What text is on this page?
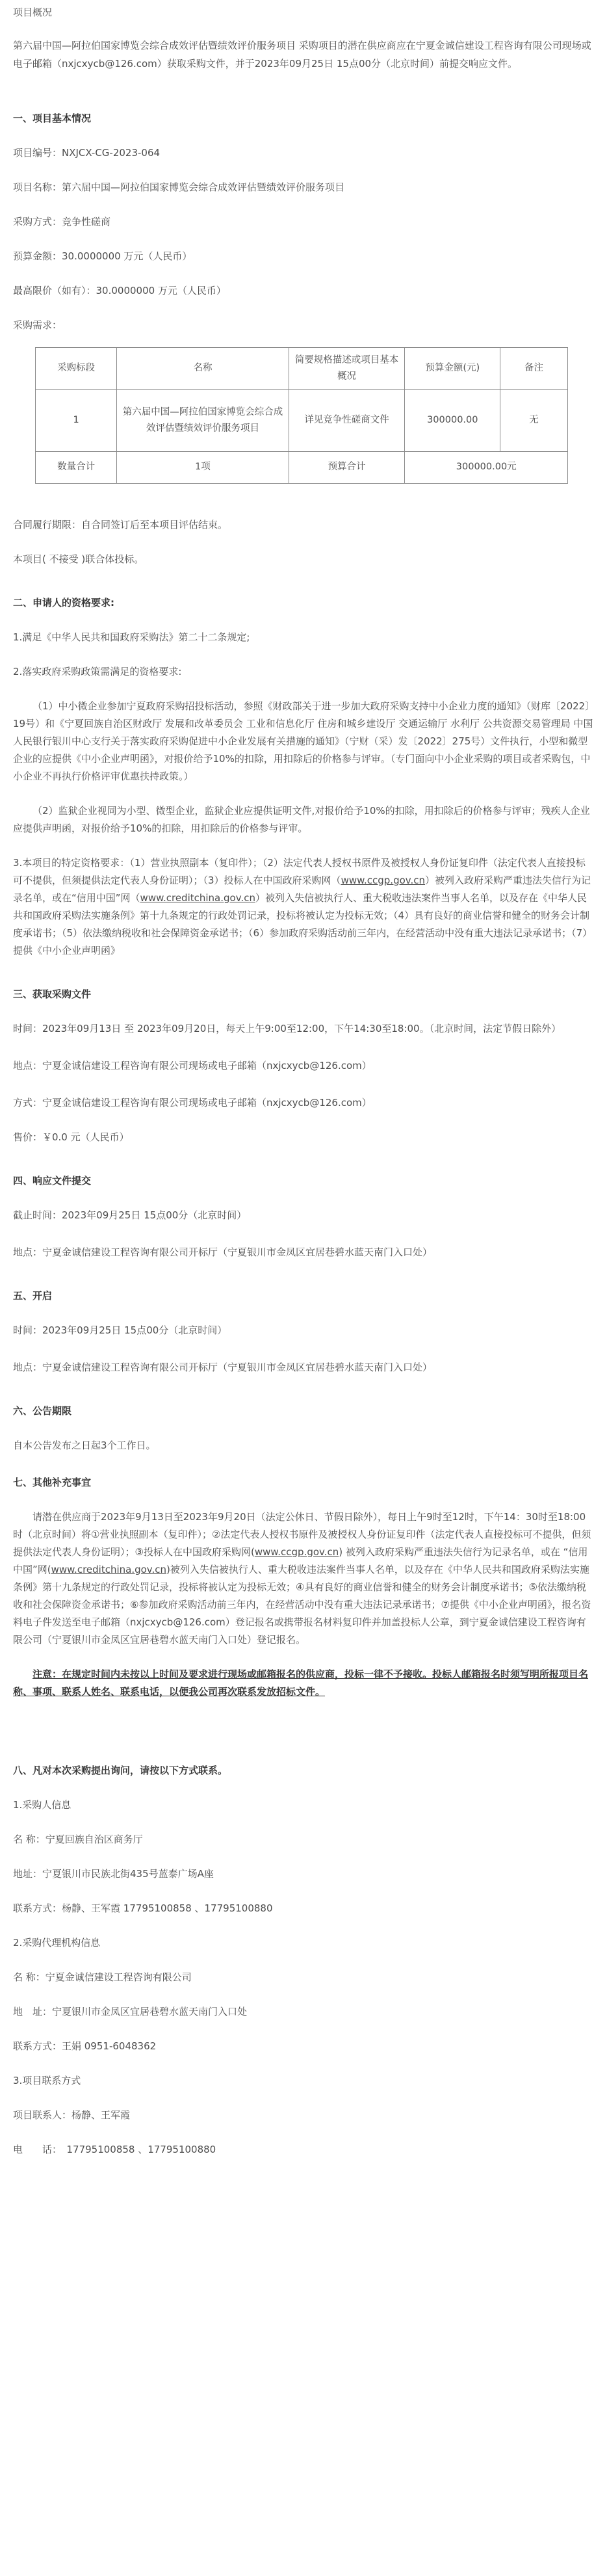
项目概况

第六届中国—阿拉伯国家博览会综合成效评估暨绩效评价服务项目 采购项目的潜在供应商应在宁夏金诚信建设工程咨询有限公司现场或电子邮箱（nxjcxycb@126.com）获取采购文件，并于2023年09月25日 15点00分（北京时间）前提交响应文件。

一、项目基本情况

项目编号：NXJCX-CG-2023-064

项目名称：第六届中国—阿拉伯国家博览会综合成效评估暨绩效评价服务项目

采购方式：竞争性磋商

预算金额：30.0000000 万元（人民币）

最高限价（如有）：30.0000000 万元（人民币）

采购需求：

采购标段	名称	简要规格描述或项目基本概况	预算金额(元)	备注
1	第六届中国—阿拉伯国家博览会综合成效评估暨绩效评价服务项目	详见竞争性磋商文件	300000.00	无
数量合计	1项	预算合计	300000.00元	

合同履行期限：自合同签订后至本项目评估结束。

本项目( 不接受 )联合体投标。

二、申请人的资格要求:

1.满足《中华人民共和国政府采购法》第二十二条规定;

2.落实政府采购政策需满足的资格要求:

（1）中小微企业参加宁夏政府采购招投标活动，参照《财政部关于进一步加大政府采购支持中小企业力度的通知》（财库〔2022〕19号）和《宁夏回族自治区财政厅 发展和改革委员会 工业和信息化厅 住房和城乡建设厅 交通运输厅 水利厅 公共资源交易管理局 中国人民银行银川中心支行关于落实政府采购促进中小企业发展有关措施的通知》（宁财（采）发〔2022〕275号）文件执行，小型和微型企业的应提供《中小企业声明函》，对报价给予10%的扣除，用扣除后的价格参与评审。（专门面向中小企业采购的项目或者采购包，中小企业不再执行价格评审优惠扶持政策。）

（2）监狱企业视同为小型、微型企业，监狱企业应提供证明文件,对报价给予10%的扣除，用扣除后的价格参与评审；残疾人企业应提供声明函，对报价给予10%的扣除，用扣除后的价格参与评审。

3.本项目的特定资格要求：（1）营业执照副本（复印件）；（2）法定代表人授权书原件及被授权人身份证复印件（法定代表人直接投标可不提供，但须提供法定代表人身份证明）；（3）投标人在中国政府采购网（www.ccgp.gov.cn）被列入政府采购严重违法失信行为记录名单，或在“信用中国”网（www.creditchina.gov.cn）被列入失信被执行人、重大税收违法案件当事人名单，以及存在《中华人民共和国政府采购法实施条例》第十九条规定的行政处罚记录，投标将被认定为投标无效；（4）具有良好的商业信誉和健全的财务会计制度承诺书；（5）依法缴纳税收和社会保障资金承诺书；（6）参加政府采购活动前三年内，在经营活动中没有重大违法记录承诺书；（7）提供《中小企业声明函》

三、获取采购文件

时间：2023年09月13日 至 2023年09月20日，每天上午9:00至12:00，下午14:30至18:00。（北京时间，法定节假日除外）

地点：宁夏金诚信建设工程咨询有限公司现场或电子邮箱（nxjcxycb@126.com）

方式：宁夏金诚信建设工程咨询有限公司现场或电子邮箱（nxjcxycb@126.com）

售价：￥0.0 元（人民币）

四、响应文件提交

截止时间：2023年09月25日 15点00分（北京时间）

地点：宁夏金诚信建设工程咨询有限公司开标厅（宁夏银川市金凤区宜居巷碧水蓝天南门入口处）

五、开启

时间：2023年09月25日 15点00分（北京时间）

地点：宁夏金诚信建设工程咨询有限公司开标厅（宁夏银川市金凤区宜居巷碧水蓝天南门入口处）

六、公告期限

自本公告发布之日起3个工作日。

七、其他补充事宜

请潜在供应商于2023年9月13日至2023年9月20日（法定公休日、节假日除外），每日上午9时至12时，下午14：30时至18:00时（北京时间）将①营业执照副本（复印件）；②法定代表人授权书原件及被授权人身份证复印件（法定代表人直接投标可不提供，但须提供法定代表人身份证明）；③投标人在中国政府采购网(www.ccgp.gov.cn) 被列入政府采购严重违法失信行为记录名单，或在 “信用中国”网(www.creditchina.gov.cn)被列入失信被执行人、重大税收违法案件当事人名单，以及存在《中华人民共和国政府采购法实施条例》第十九条规定的行政处罚记录，投标将被认定为投标无效；④具有良好的商业信誉和健全的财务会计制度承诺书；⑤依法缴纳税收和社会保障资金承诺书；⑥参加政府采购活动前三年内，在经营活动中没有重大违法记录承诺书；⑦提供《中小企业声明函》，报名资料电子件发送至电子邮箱（nxjcxycb@126.com）登记报名或携带报名材料复印件并加盖投标人公章，到宁夏金诚信建设工程咨询有限公司（宁夏银川市金凤区宜居巷碧水蓝天南门入口处）登记报名。

注意：在规定时间内未按以上时间及要求进行现场或邮箱报名的供应商，投标一律不予接收。投标人邮箱报名时须写明所报项目名称、事项、联系人姓名、联系电话，以便我公司再次联系发放招标文件。

八、凡对本次采购提出询问，请按以下方式联系。

1.采购人信息

名 称：宁夏回族自治区商务厅

地址：宁夏银川市民族北街435号蓝泰广场A座

联系方式：杨静、王军霞 17795100858 、17795100880

2.采购代理机构信息

名 称：宁夏金诚信建设工程咨询有限公司

地　址：宁夏银川市金凤区宜居巷碧水蓝天南门入口处

联系方式：王娟 0951-6048362

3.项目联系方式

项目联系人：杨静、王军霞

电　　话：　17795100858 、17795100880
